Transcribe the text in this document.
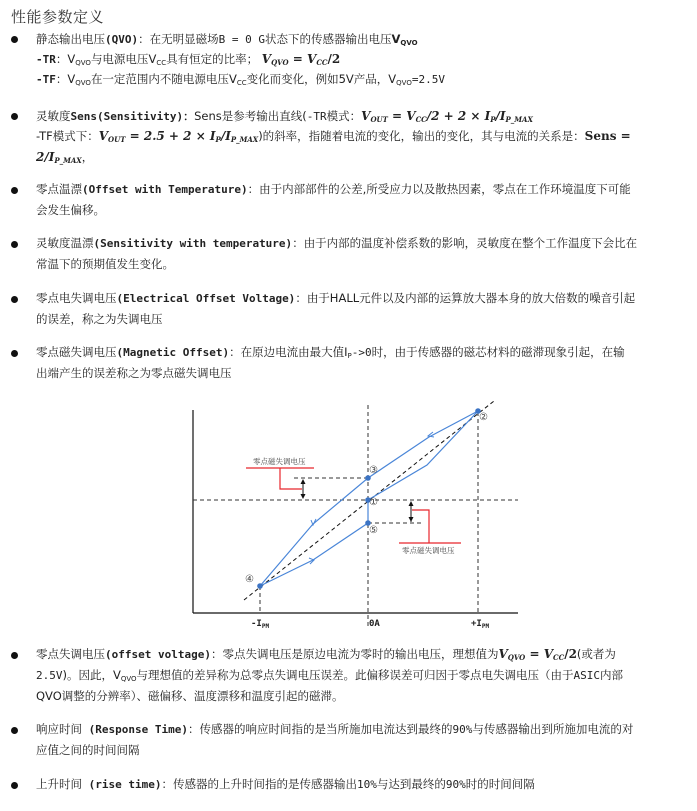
性能参数定义
静态输出电压(QVO)：在无明显磁场B = 0 G状态下的传感器输出电压$V_{QVO}$
-TR：$V_{QVO}$与电源电压$V_{CC}$具有恒定的比率； $V_{QVO} = V_{CC}/2$
-TF：$V_{QVO}$在一定范围内不随电源电压$V_{CC}$变化而变化，例如5V产品，$V_{QVO}=2.5V$
灵敏度Sens(Sensitivity)：Sens是参考输出直线(-TR模式：$V_{OUT} = V_{CC}/2 + 2 \times I_P/I_{P\_MAX}$
-TF模式下：$V_{OUT} = 2.5 + 2 \times I_P/I_{P\_MAX}$)的斜率，指随着电流的变化，输出的变化，其与电流的关系是：Sens =
$2/I_{P\_MAX}$，
零点温漂(Offset with Temperature)：由于内部部件的公差,所受应力以及散热因素，零点在工作环境温度下可能
会发生偏移。
灵敏度温漂(Sensitivity with temperature)：由于内部的温度补偿系数的影响，灵敏度在整个工作温度下会比在
常温下的预期值发生变化。
零点电失调电压(Electrical Offset Voltage)：由于HALL元件以及内部的运算放大器本身的放大倍数的噪音引起
的误差，称之为失调电压
零点磁失调电压(Magnetic Offset)：在原边电流由最大值$I_P->0$时，由于传感器的磁芯材料的磁滞现象引起，在输
出端产生的误差称之为零点磁失调电压
①
②
③
④
⑤
零点磁失调电压
零点磁失调电压
$-I_{PM}$	0A	$+I_{PM}$
零点失调电压(offset voltage)：零点失调电压是原边电流为零时的输出电压，理想值为$V_{QVO} = V_{CC}/2$(或者为
2.5V)。因此，$V_{QVO}$与理想值的差异称为总零点失调电压误差。此偏移误差可归因于零点电失调电压（由于ASIC内部
QVO调整的分辨率）、磁偏移、温度漂移和温度引起的磁滞。
响应时间 (Response Time)：传感器的响应时间指的是当所施加电流达到最终的90%与传感器输出到所施加电流的对
应值之间的时间间隔
上升时间 (rise time)：传感器的上升时间指的是传感器输出10%与达到最终的90%时的时间间隔
